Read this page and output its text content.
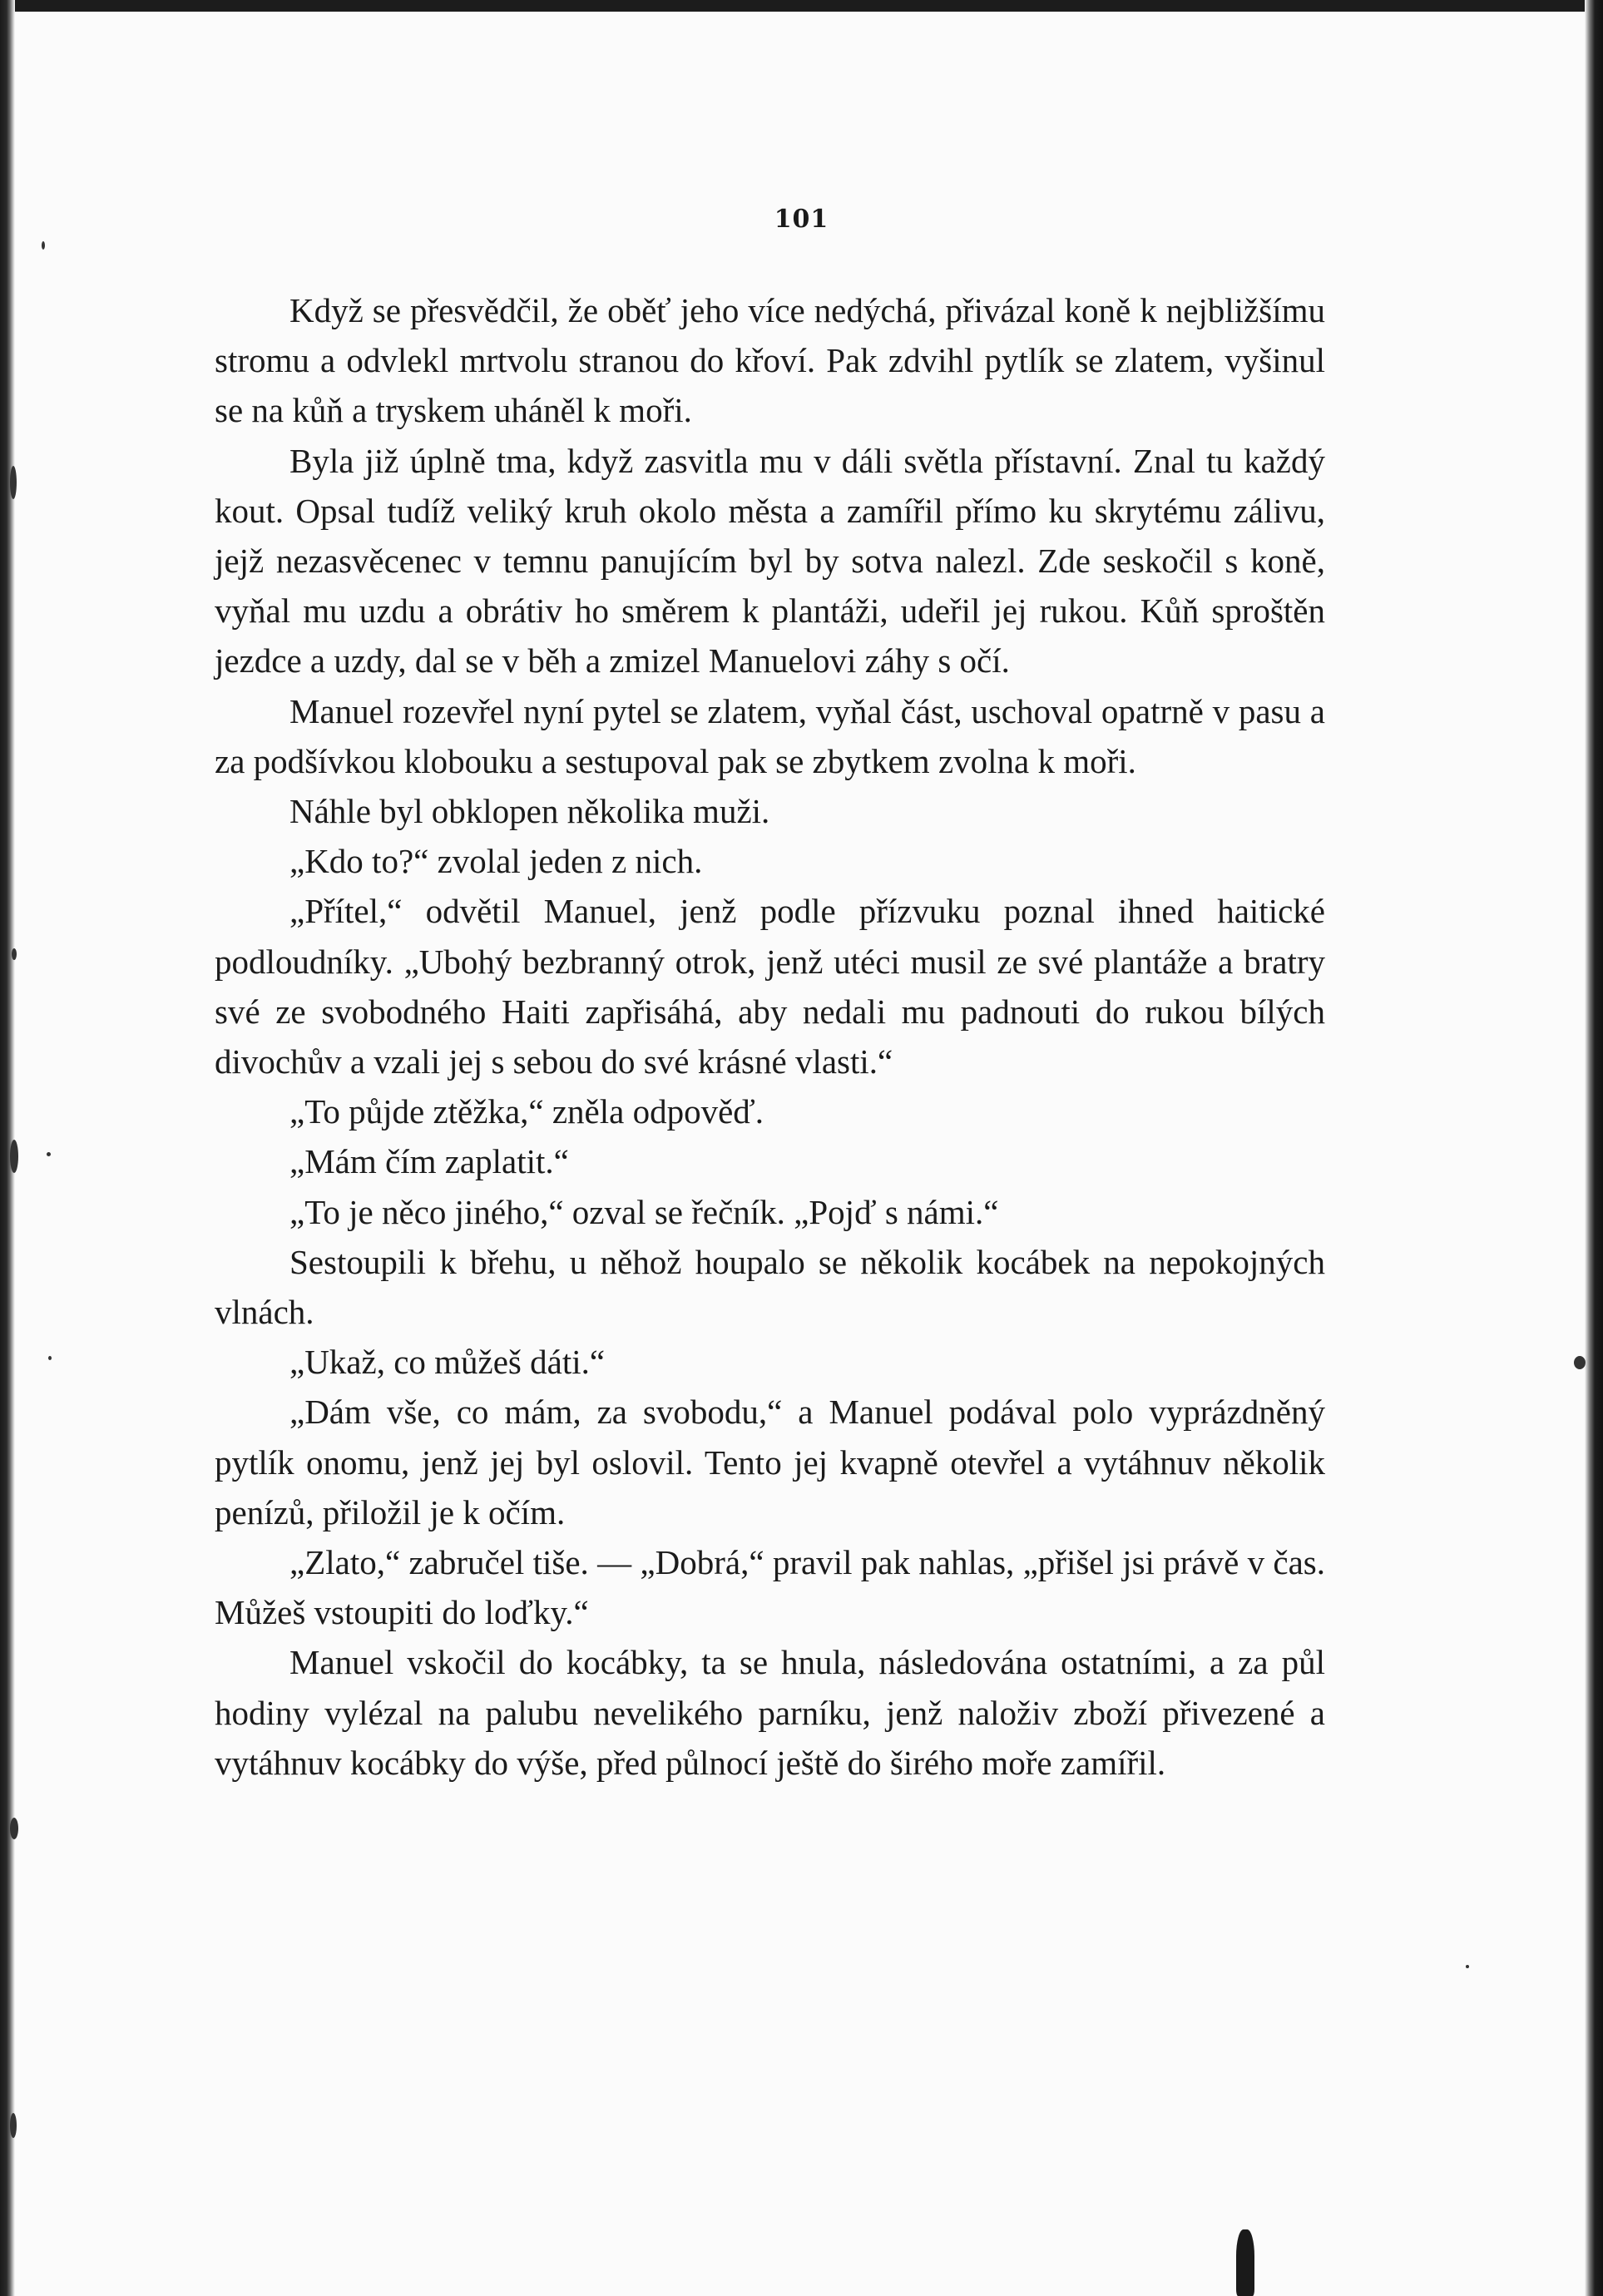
101

Když se přesvědčil, že oběť jeho více nedýchá, přivázal koně k nejbližšímu stromu a odvlekl mrtvolu stranou do křoví. Pak zdvihl pytlík se zlatem, vyšinul se na kůň a tryskem uháněl k moři.

Byla již úplně tma, když zasvitla mu v dáli světla přístavní. Znal tu každý kout. Opsal tudíž veliký kruh okolo města a zamířil přímo ku skrytému zálivu, jejž nezasvěcenec v temnu panujícím byl by sotva nalezl. Zde seskočil s koně, vyňal mu uzdu a obrátiv ho směrem k plantáži, udeřil jej rukou. Kůň sproštěn jezdce a uzdy, dal se v běh a zmizel Manuelovi záhy s očí.

Manuel rozevřel nyní pytel se zlatem, vyňal část, uschoval opatrně v pasu a za podšívkou klobouku a sestupoval pak se zbytkem zvolna k moři.

Náhle byl obklopen několika muži.

„Kdo to?“ zvolal jeden z nich.

„Přítel,“ odvětil Manuel, jenž podle přízvuku poznal ihned haitické podloudníky. „Ubohý bezbranný otrok, jenž utéci musil ze své plantáže a bratry své ze svobodného Haiti zapřisáhá, aby nedali mu padnouti do rukou bílých divochův a vzali jej s sebou do své krásné vlasti.“

„To půjde ztěžka,“ zněla odpověď.

„Mám čím zaplatit.“

„To je něco jiného,“ ozval se řečník. „Pojď s námi.“

Sestoupili k břehu, u něhož houpalo se několik kocábek na nepokojných vlnách.

„Ukaž, co můžeš dáti.“

„Dám vše, co mám, za svobodu,“ a Manuel podával polo vyprázdněný pytlík onomu, jenž jej byl oslovil. Tento jej kvapně otevřel a vytáhnuv několik penízů, přiložil je k očím.

„Zlato,“ zabručel tiše. — „Dobrá,“ pravil pak nahlas, „přišel jsi právě v čas. Můžeš vstoupiti do loďky.“

Manuel vskočil do kocábky, ta se hnula, následována ostatními, a za půl hodiny vylézal na palubu nevelikého parníku, jenž naloživ zboží přivezené a vytáhnuv kocábky do výše, před půlnocí ještě do širého moře zamířil.
